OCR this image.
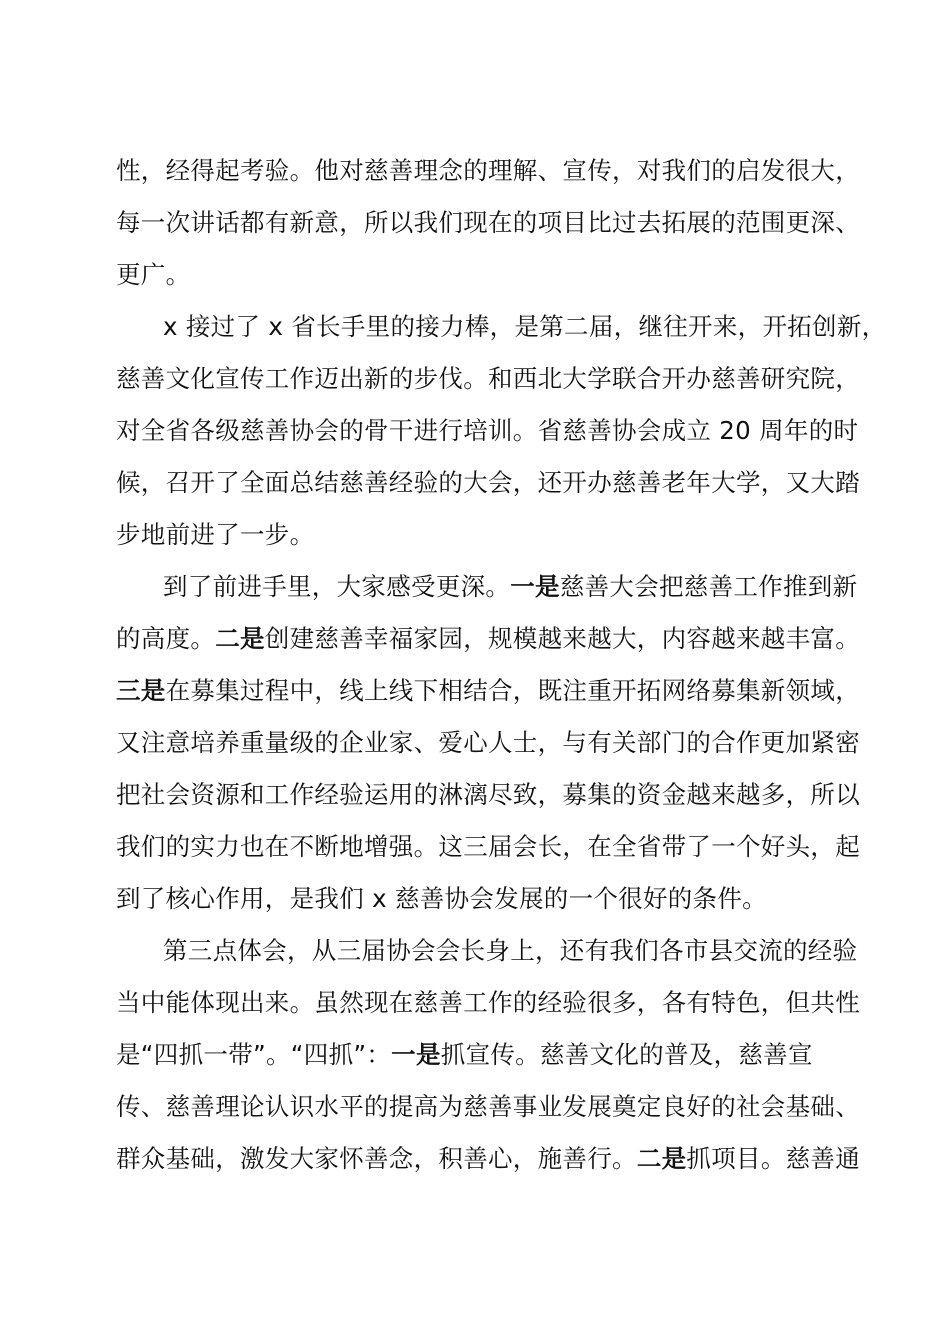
性，经得起考验。他对慈善理念的理解、宣传，对我们的启发很大，
每一次讲话都有新意，所以我们现在的项目比过去拓展的范围更深、
更广。
x 接过了 x 省长手里的接力棒，是第二届，继往开来，开拓创新，
慈善文化宣传工作迈出新的步伐。和西北大学联合开办慈善研究院，
对全省各级慈善协会的骨干进行培训。省慈善协会成立 20 周年的时
候，召开了全面总结慈善经验的大会，还开办慈善老年大学，又大踏
步地前进了一步。
到了前进手里，大家感受更深。一是慈善大会把慈善工作推到新
的高度。二是创建慈善幸福家园，规模越来越大，内容越来越丰富。
三是在募集过程中，线上线下相结合，既注重开拓网络募集新领域，
又注意培养重量级的企业家、爱心人士，与有关部门的合作更加紧密
把社会资源和工作经验运用的淋漓尽致，募集的资金越来越多，所以
我们的实力也在不断地增强。这三届会长，在全省带了一个好头，起
到了核心作用，是我们 x 慈善协会发展的一个很好的条件。
第三点体会，从三届协会会长身上，还有我们各市县交流的经验
当中能体现出来。虽然现在慈善工作的经验很多，各有特色，但共性
是“四抓一带”。“四抓”：一是抓宣传。慈善文化的普及，慈善宣
传、慈善理论认识水平的提高为慈善事业发展奠定良好的社会基础、
群众基础，激发大家怀善念，积善心，施善行。二是抓项目。慈善通
